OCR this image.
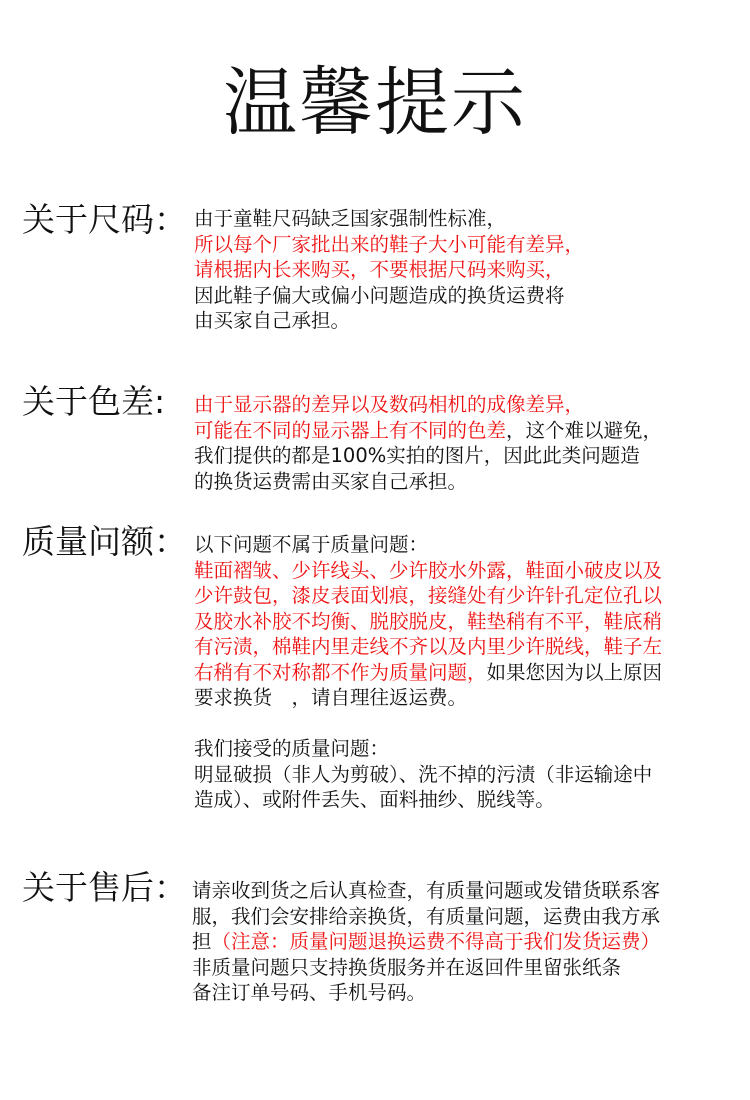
温馨提示
关于尺码： 由于童鞋尺码缺乏国家强制性标准，
所以每个厂家批出来的鞋子大小可能有差异，
请根据内长来购买，不要根据尺码来购买，
因此鞋子偏大或偏小问题造成的换货运费将
由买家自己承担。
关于色差: 由于显示器的差异以及数码相机的成像差异，
可能在不同的显示器上有不同的色差，这个难以避免，
我们提供的都是100%实拍的图片，因此此类问题造
的换货运费需由买家自己承担。
质量问额： 以下问题不属于质量问题：
鞋面褶皱、少许线头、少许胶水外露，鞋面小破皮以及
少许鼓包，漆皮表面划痕，接缝处有少许针孔定位孔以
及胶水补胶不均衡、脱胶脱皮，鞋垫稍有不平，鞋底稍
有污渍，棉鞋内里走线不齐以及内里少许脱线，鞋子左
右稍有不对称都不作为质量问题，如果您因为以上原因
要求换货　，请自理往返运费。
我们接受的质量问题：
明显破损（非人为剪破）、洗不掉的污渍（非运输途中
造成）、或附件丢失、面料抽纱、脱线等。
关于售后： 请亲收到货之后认真检查，有质量问题或发错货联系客
服，我们会安排给亲换货，有质量问题，运费由我方承
担（注意：质量问题退换运费不得高于我们发货运费）
非质量问题只支持换货服务并在返回件里留张纸条
备注订单号码、手机号码。
